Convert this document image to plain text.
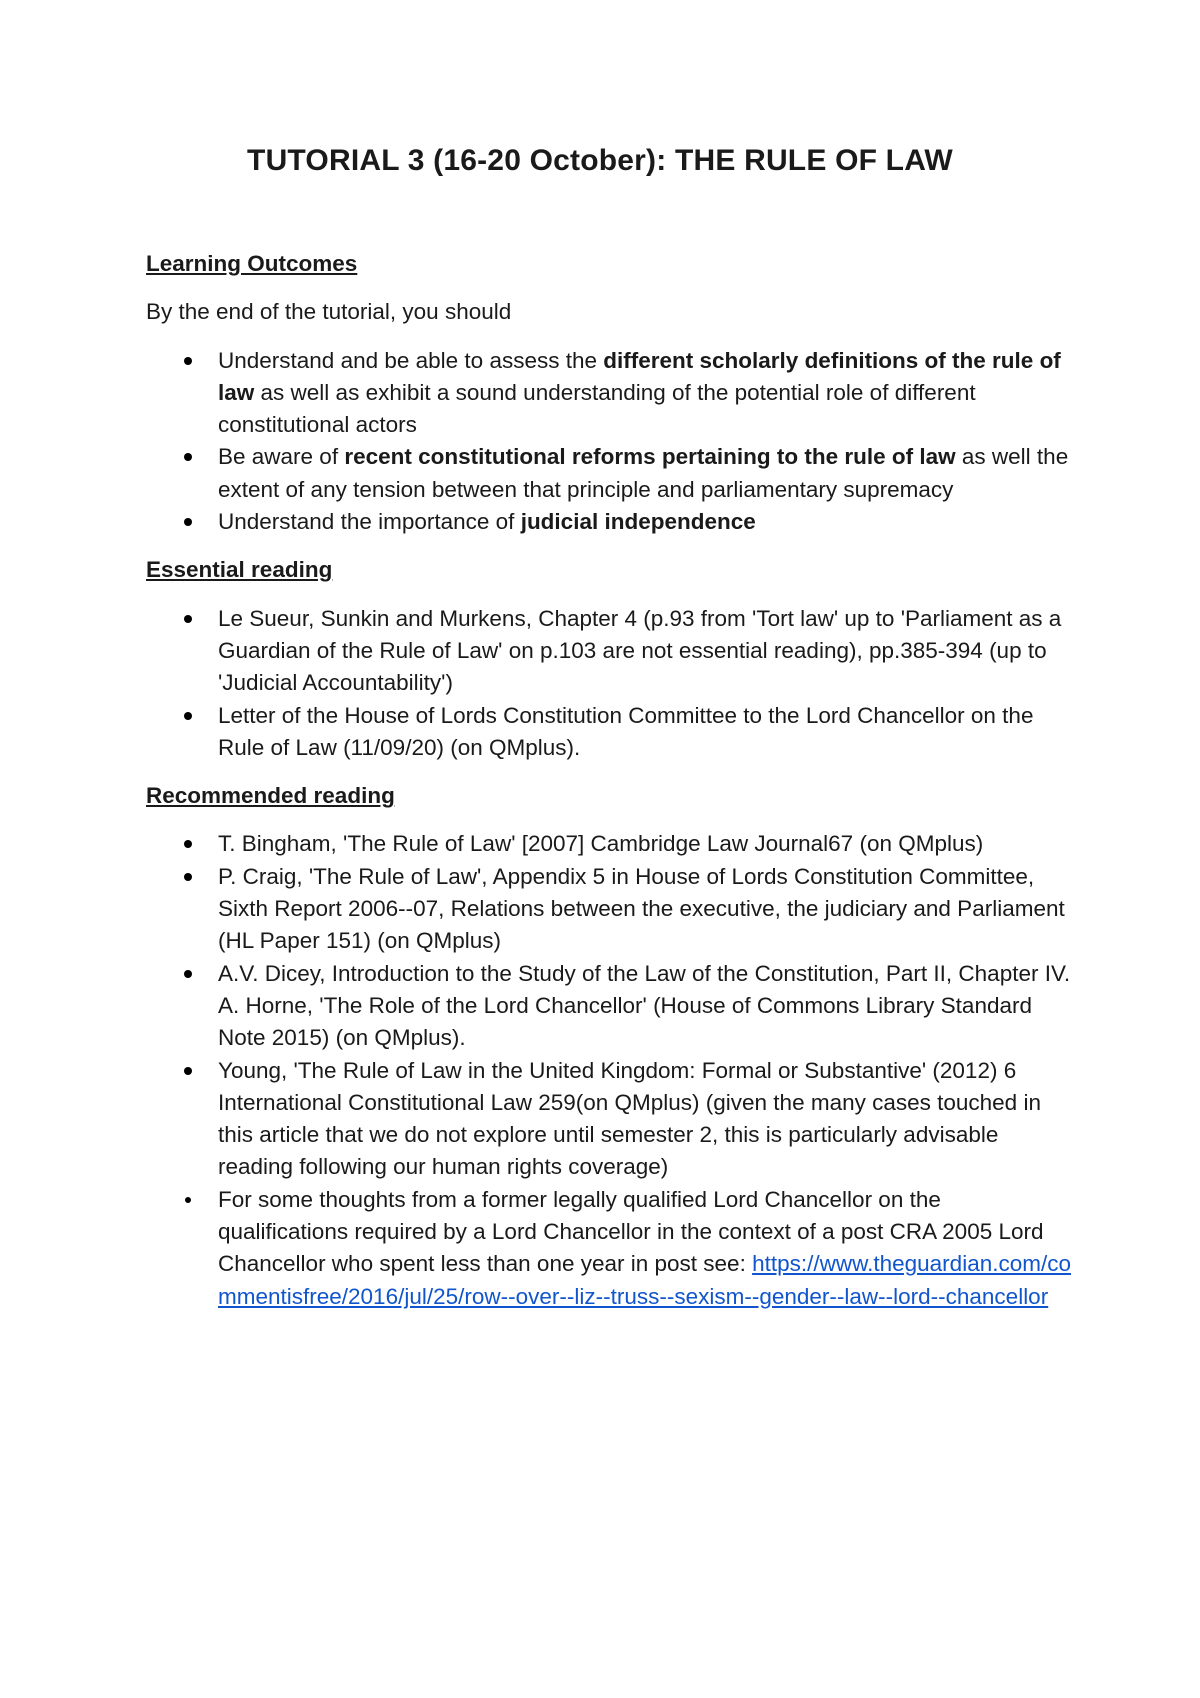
TUTORIAL 3 (16-20 October): THE RULE OF LAW
Learning Outcomes
By the end of the tutorial, you should
Understand and be able to assess the different scholarly definitions of the rule of law as well as exhibit a sound understanding of the potential role of different constitutional actors
Be aware of recent constitutional reforms pertaining to the rule of law as well the extent of any tension between that principle and parliamentary supremacy
Understand the importance of judicial independence
Essential reading
Le Sueur, Sunkin and Murkens, Chapter 4 (p.93 from 'Tort law' up to 'Parliament as a Guardian of the Rule of Law' on p.103 are not essential reading), pp.385-394 (up to 'Judicial Accountability')
Letter of the House of Lords Constitution Committee to the Lord Chancellor on the Rule of Law (11/09/20) (on QMplus).
Recommended reading
T. Bingham, 'The Rule of Law' [2007] Cambridge Law Journal67 (on QMplus)
P. Craig, 'The Rule of Law', Appendix 5 in House of Lords Constitution Committee, Sixth Report 2006--07, Relations between the executive, the judiciary and Parliament (HL Paper 151) (on QMplus)
A.V. Dicey, Introduction to the Study of the Law of the Constitution, Part II, Chapter IV. A. Horne, 'The Role of the Lord Chancellor' (House of Commons Library Standard Note 2015) (on QMplus).
Young, 'The Rule of Law in the United Kingdom: Formal or Substantive' (2012) 6 International Constitutional Law 259(on QMplus) (given the many cases touched in this article that we do not explore until semester 2, this is particularly advisable reading following our human rights coverage)
For some thoughts from a former legally qualified Lord Chancellor on the qualifications required by a Lord Chancellor in the context of a post CRA 2005 Lord Chancellor who spent less than one year in post see: https://www.theguardian.com/commentisfree/2016/jul/25/row--over--liz--truss--sexism--gender--law--lord--chancellor
